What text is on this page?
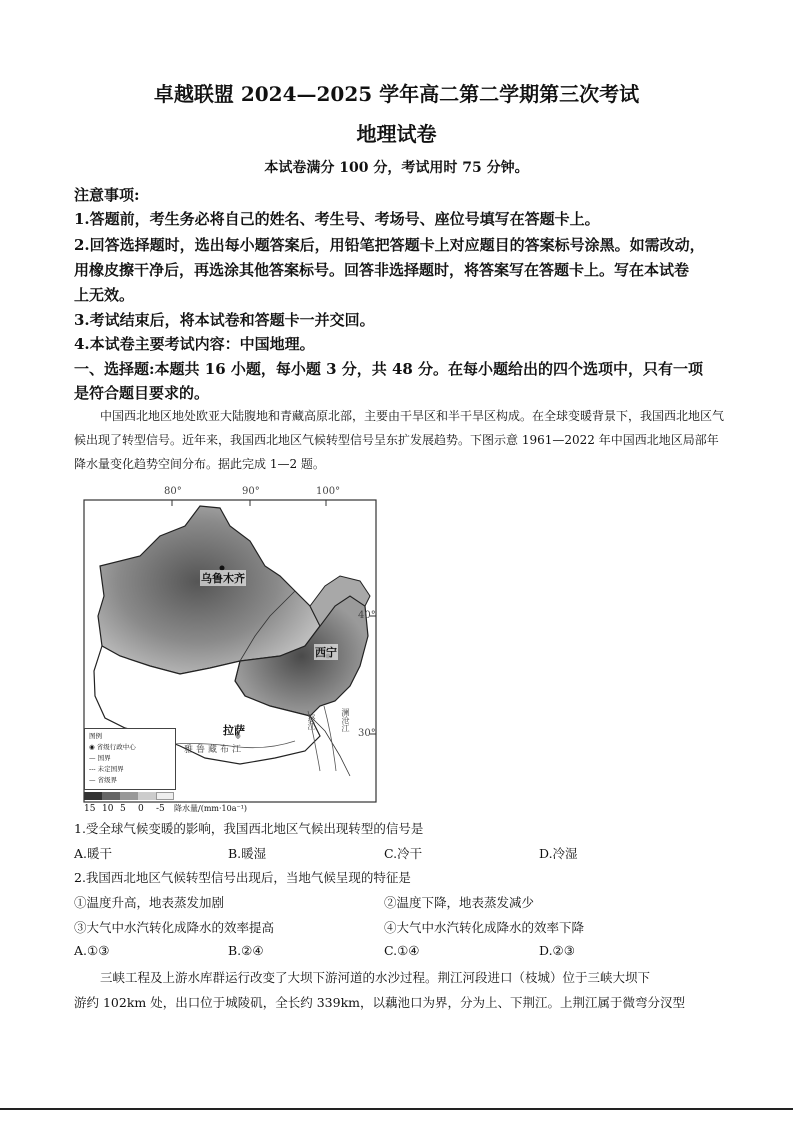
卓越联盟 2024—2025 学年高二第二学期第三次考试
地理试卷
本试卷满分 100 分，考试用时 75 分钟。
注意事项:
1.答题前，考生务必将自己的姓名、考生号、考场号、座位号填写在答题卡上。
2.回答选择题时，选出每小题答案后，用铅笔把答题卡上对应题目的答案标号涂黑。如需改动，
用橡皮擦干净后，再选涂其他答案标号。回答非选择题时，将答案写在答题卡上。写在本试卷
上无效。
3.考试结束后，将本试卷和答题卡一并交回。
4.本试卷主要考试内容：中国地理。
一、选择题:本题共 16 小题，每小题 3 分，共 48 分。在每小题给出的四个选项中，只有一项
是符合题目要求的。
中国西北地区地处欧亚大陆腹地和青藏高原北部，主要由干旱区和半干旱区构成。在全球变暖背景下，我国西北地区气候出现了转型信号。近年来，我国西北地区气候转型信号呈东扩发展趋势。下图示意 1961—2022 年中国西北地区局部年降水量变化趋势空间分布。据此完成 1—2 题。
80°	90°	100°
40°
30°
乌鲁木齐
西宁
拉萨
雅鲁藏布江
怒江	澜沧江
图例
◉ 省级行政中心
— 国界
--- 未定国界
— 省级界

15 10 5 0 -5 降水量/(mm·10a⁻¹)
1.受全球气候变暖的影响，我国西北地区气候出现转型的信号是
A.暖干	B.暖湿	C.冷干	D.冷湿
2.我国西北地区气候转型信号出现后，当地气候呈现的特征是
①温度升高，地表蒸发加剧	②温度下降，地表蒸发减少
③大气中水汽转化成降水的效率提高	④大气中水汽转化成降水的效率下降
A.①③	B.②④	C.①④	D.②③
三峡工程及上游水库群运行改变了大坝下游河道的水沙过程。荆江河段进口（枝城）位于三峡大坝下
游约 102km 处，出口位于城陵矶，全长约 339km，以藕池口为界，分为上、下荆江。上荆江属于微弯分汊型
